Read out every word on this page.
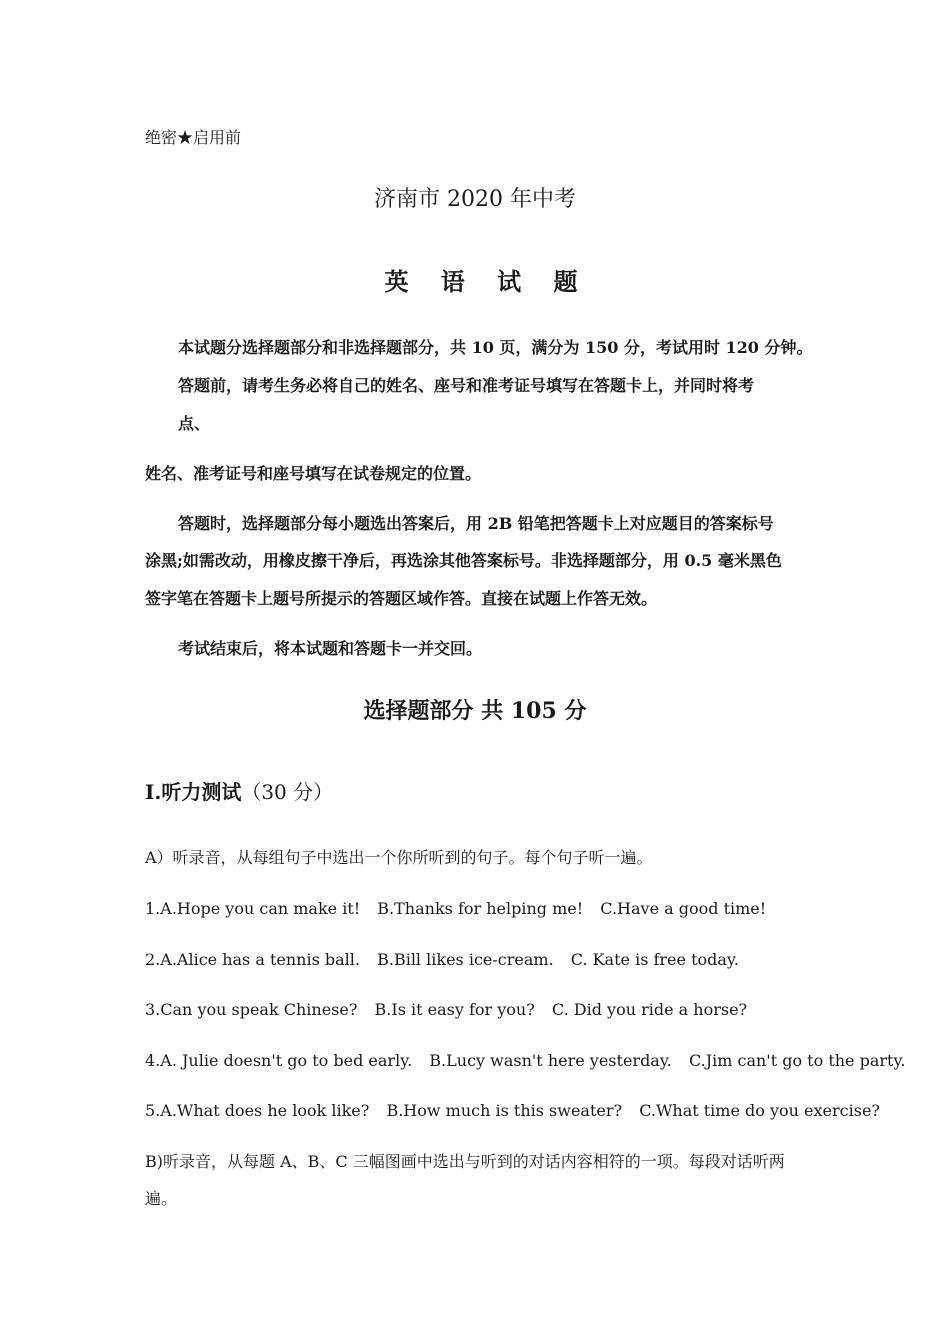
绝密★启用前
济南市 2020 年中考
英 语 试 题
本试题分选择题部分和非选择题部分，共 10 页，满分为 150 分，考试用时 120 分钟。
答题前，请考生务必将自己的姓名、座号和准考证号填写在答题卡上，并同时将考
点、
姓名、准考证号和座号填写在试卷规定的位置。
答题时，选择题部分每小题选出答案后，用 2B 铅笔把答题卡上对应题目的答案标号
涂黑;如需改动，用橡皮擦干净后，再选涂其他答案标号。非选择题部分，用 0.5 毫米黑色
签字笔在答题卡上题号所提示的答题区域作答。直接在试题上作答无效。
考试结束后，将本试题和答题卡一并交回。
选择题部分 共 105 分
I.听力测试（30 分）
A）听录音，从每组句子中选出一个你所听到的句子。每个句子听一遍。
1.A.Hope you can make it! B.Thanks for helping me! C.Have a good time!
2.A.Alice has a tennis ball. B.Bill likes ice-cream. C. Kate is free today.
3.Can you speak Chinese? B.Is it easy for you? C. Did you ride a horse?
4.A. Julie doesn't go to bed early. B.Lucy wasn't here yesterday. C.Jim can't go to the party.
5.A.What does he look like? B.How much is this sweater? C.What time do you exercise?
B)听录音，从每题 A、B、C 三幅图画中选出与听到的对话内容相符的一项。每段对话听两
遍。
